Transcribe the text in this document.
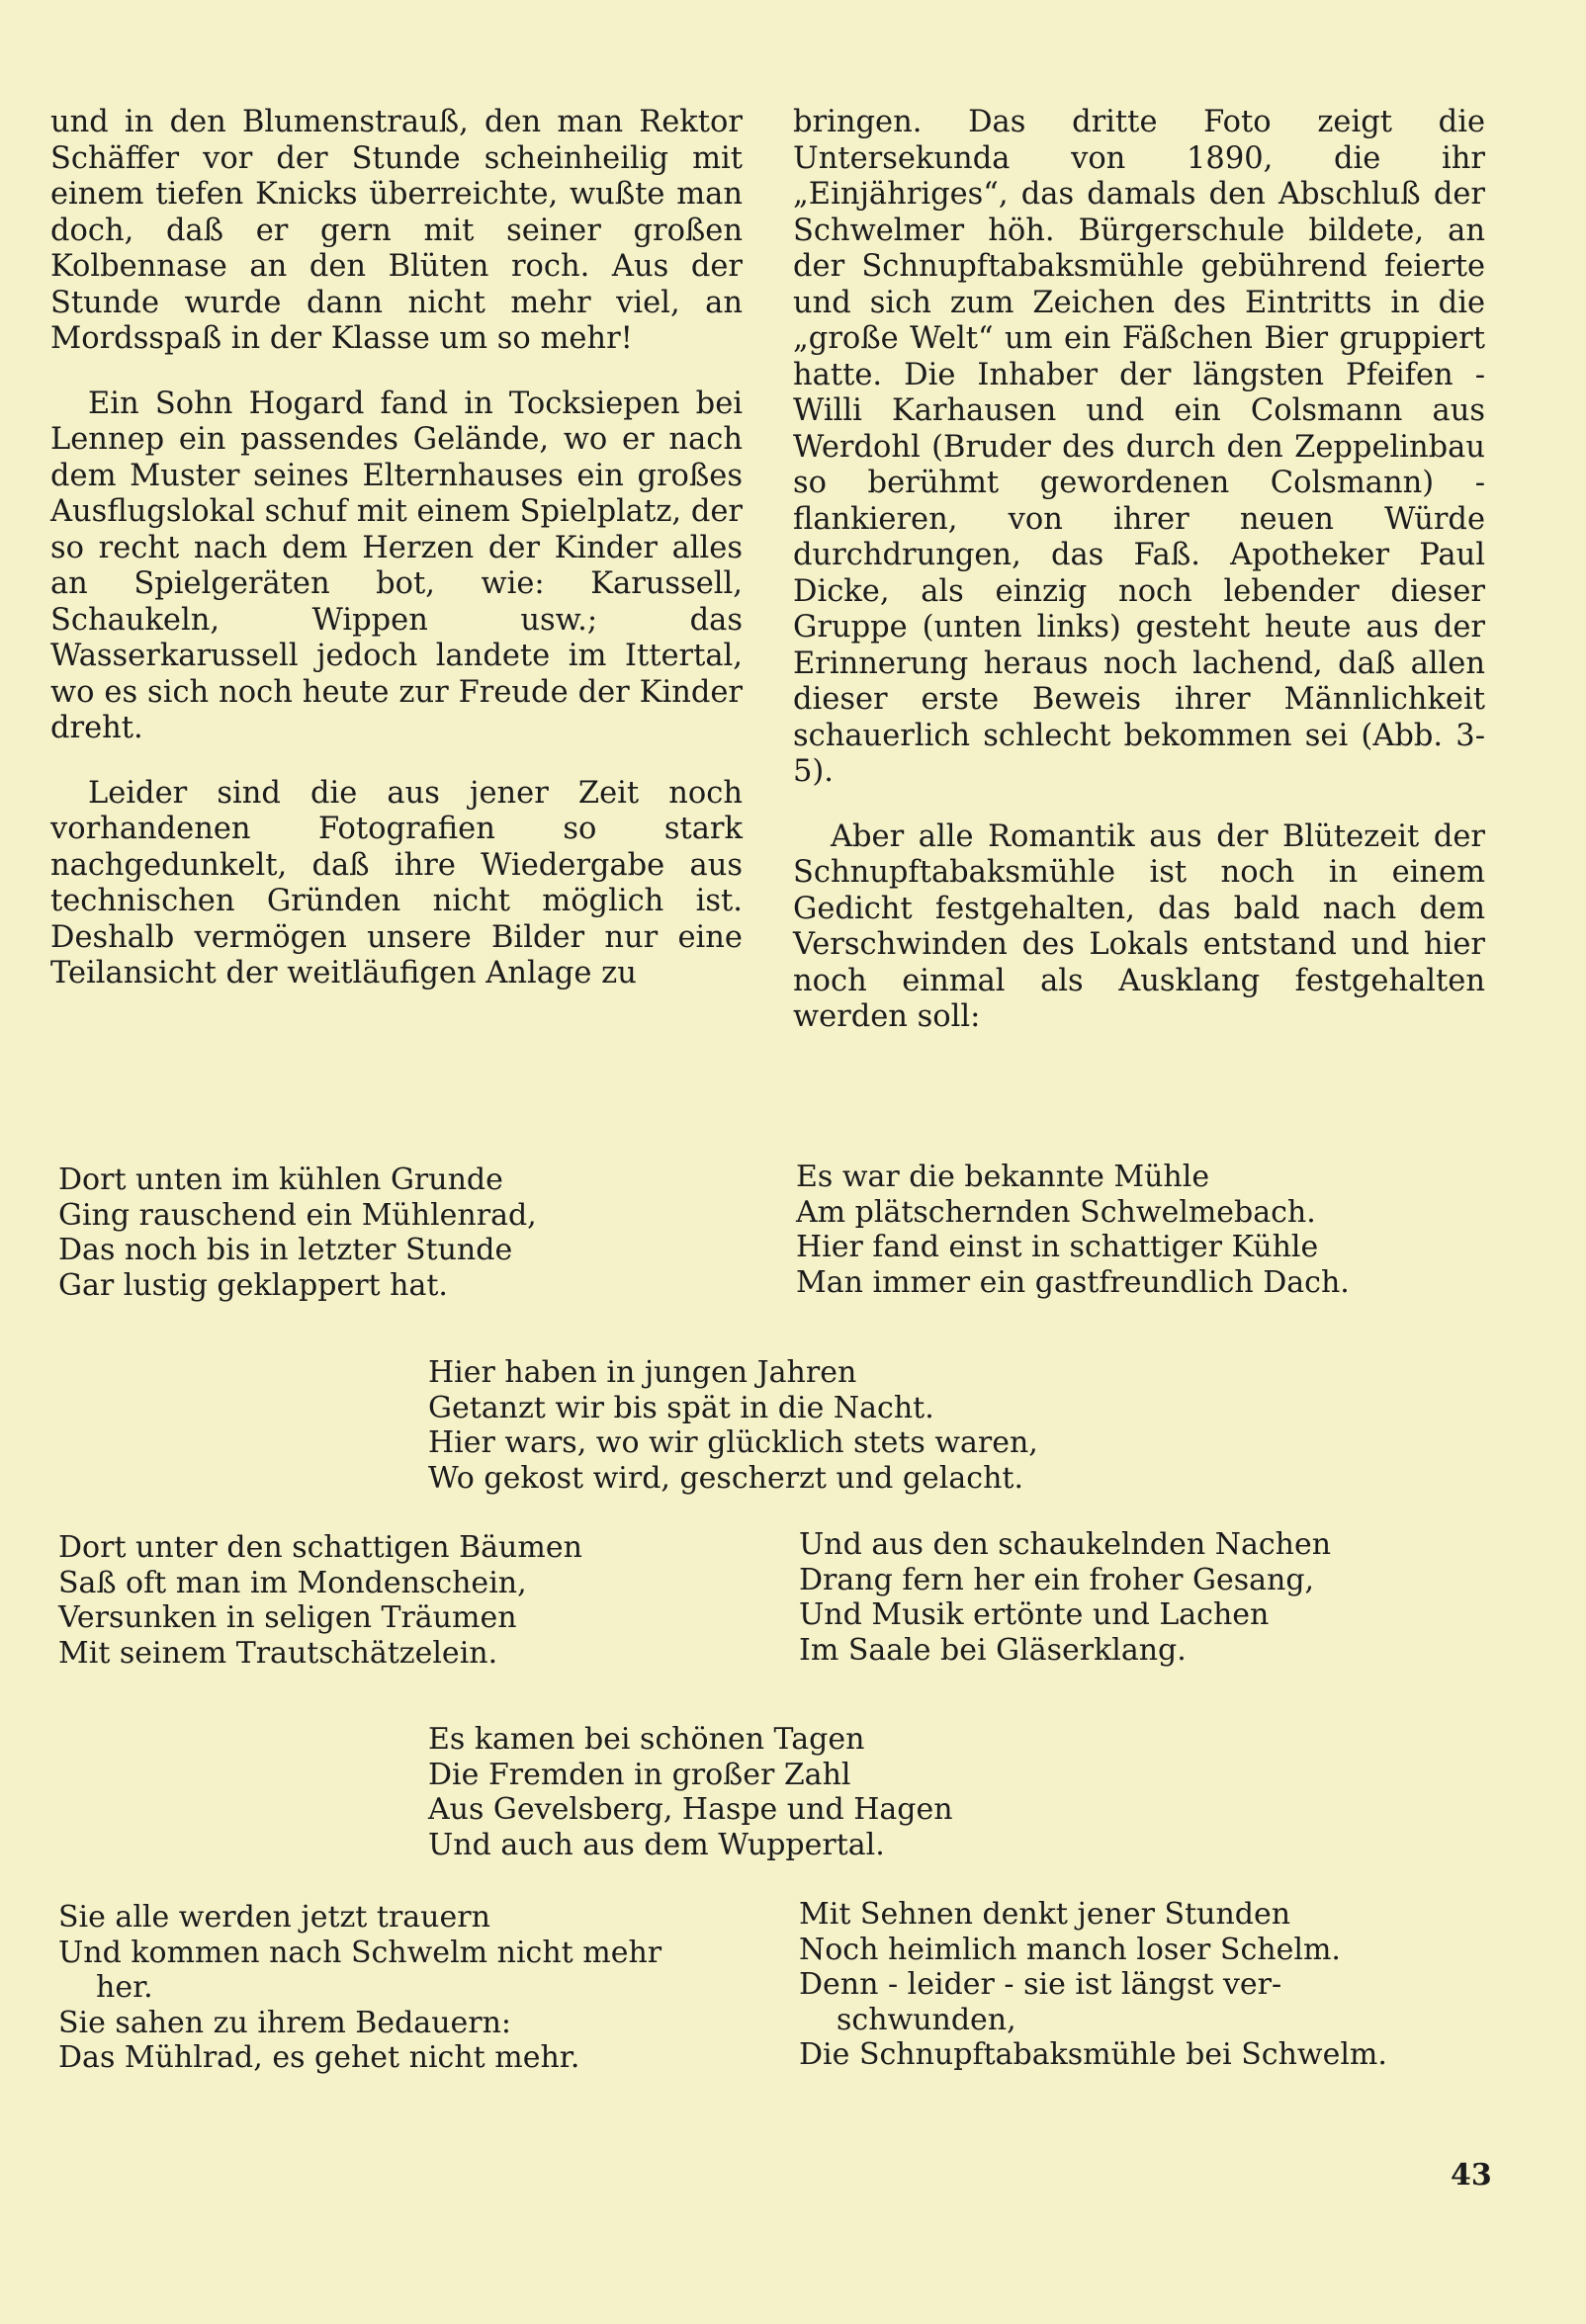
und in den Blumenstrauß, den man Rektor Schäffer vor der Stunde scheinheilig mit einem tiefen Knicks überreichte, wußte man doch, daß er gern mit seiner großen Kolbennase an den Blüten roch. Aus der Stunde wurde dann nicht mehr viel, an Mordsspaß in der Klasse um so mehr!

Ein Sohn Hogard fand in Tocksiepen bei Lennep ein passendes Gelände, wo er nach dem Muster seines Elternhauses ein großes Ausflugslokal schuf mit einem Spielplatz, der so recht nach dem Herzen der Kinder alles an Spielgeräten bot, wie: Karussell, Schaukeln, Wippen usw.; das Wasserkarussell jedoch landete im Ittertal, wo es sich noch heute zur Freude der Kinder dreht.

Leider sind die aus jener Zeit noch vorhandenen Fotografien so stark nachgedunkelt, daß ihre Wiedergabe aus technischen Gründen nicht möglich ist. Deshalb vermögen unsere Bilder nur eine Teilansicht der weitläufigen Anlage zu

bringen. Das dritte Foto zeigt die Untersekunda von 1890, die ihr „Einjähriges“, das damals den Abschluß der Schwelmer höh. Bürgerschule bildete, an der Schnupftabaksmühle gebührend feierte und sich zum Zeichen des Eintritts in die „große Welt“ um ein Fäßchen Bier gruppiert hatte. Die Inhaber der längsten Pfeifen - Willi Karhausen und ein Colsmann aus Werdohl (Bruder des durch den Zeppelinbau so berühmt gewordenen Colsmann) - flankieren, von ihrer neuen Würde durchdrungen, das Faß. Apotheker Paul Dicke, als einzig noch lebender dieser Gruppe (unten links) gesteht heute aus der Erinnerung heraus noch lachend, daß allen dieser erste Beweis ihrer Männlichkeit schauerlich schlecht bekommen sei (Abb. 3-5).

Aber alle Romantik aus der Blütezeit der Schnupftabaksmühle ist noch in einem Gedicht festgehalten, das bald nach dem Verschwinden des Lokals entstand und hier noch einmal als Ausklang festgehalten werden soll:

Dort unten im kühlen Grunde
Ging rauschend ein Mühlenrad,
Das noch bis in letzter Stunde
Gar lustig geklappert hat.
Es war die bekannte Mühle
Am plätschernden Schwelmebach.
Hier fand einst in schattiger Kühle
Man immer ein gastfreundlich Dach.
Hier haben in jungen Jahren
Getanzt wir bis spät in die Nacht.
Hier wars, wo wir glücklich stets waren,
Wo gekost wird, gescherzt und gelacht.
Dort unter den schattigen Bäumen
Saß oft man im Mondenschein,
Versunken in seligen Träumen
Mit seinem Trautschätzelein.
Und aus den schaukelnden Nachen
Drang fern her ein froher Gesang,
Und Musik ertönte und Lachen
Im Saale bei Gläserklang.
Es kamen bei schönen Tagen
Die Fremden in großer Zahl
Aus Gevelsberg, Haspe und Hagen
Und auch aus dem Wuppertal.
Sie alle werden jetzt trauern
Und kommen nach Schwelm nicht mehr
her.
Sie sahen zu ihrem Bedauern:
Das Mühlrad, es gehet nicht mehr.
Mit Sehnen denkt jener Stunden
Noch heimlich manch loser Schelm.
Denn - leider - sie ist längst ver-
schwunden,
Die Schnupftabaksmühle bei Schwelm.
43
